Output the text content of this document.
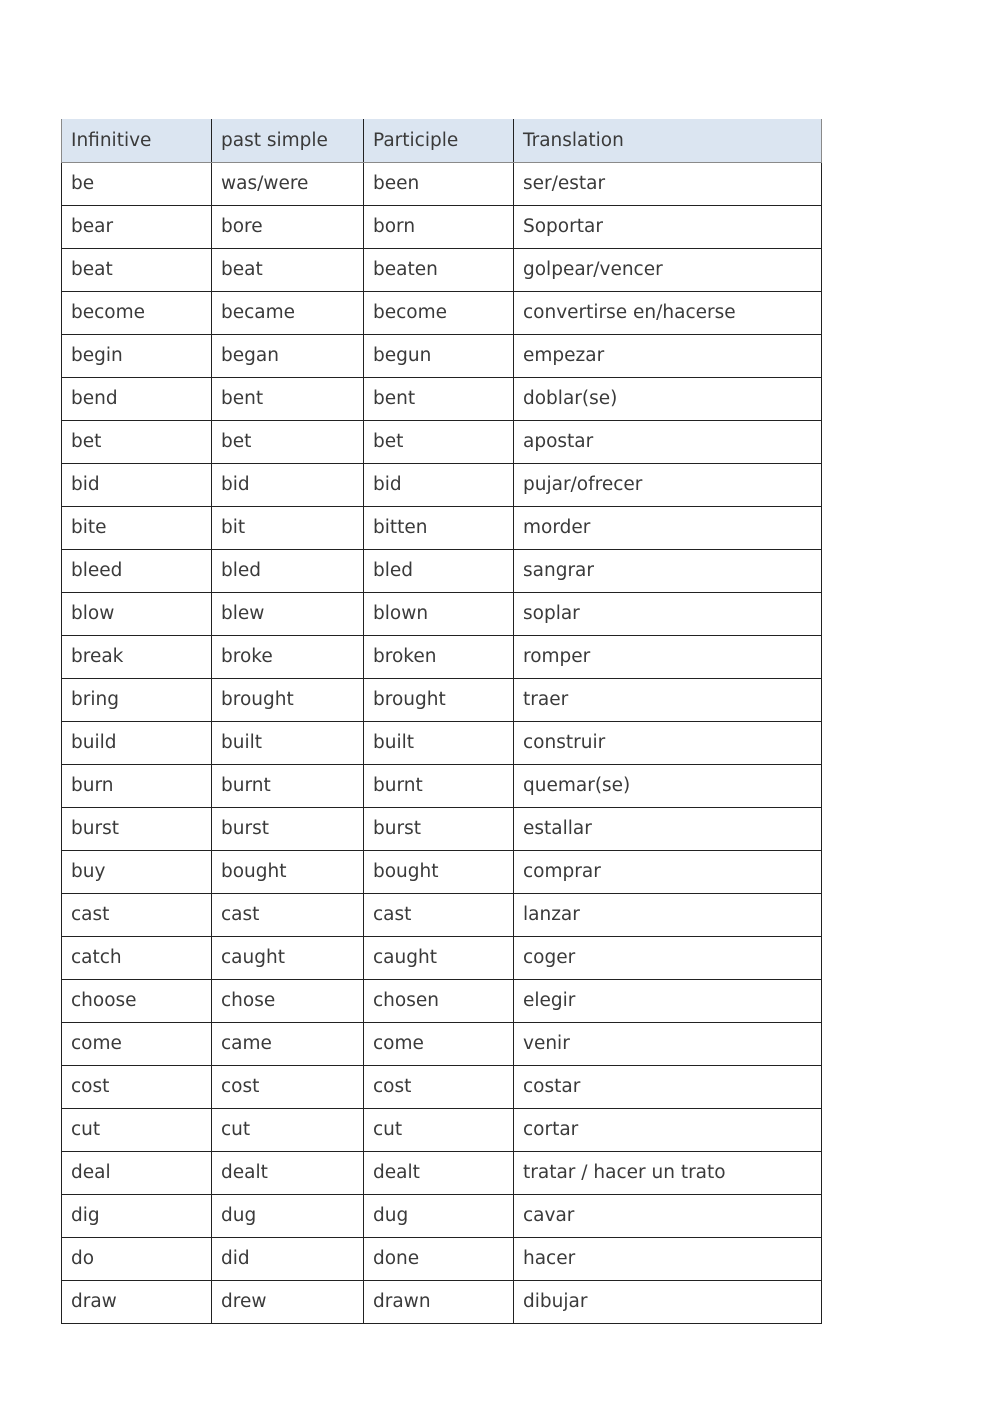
Infinitive	past simple	Participle	Translation
be	was/were	been	ser/estar
bear	bore	born	Soportar
beat	beat	beaten	golpear/vencer
become	became	become	convertirse en/hacerse
begin	began	begun	empezar
bend	bent	bent	doblar(se)
bet	bet	bet	apostar
bid	bid	bid	pujar/ofrecer
bite	bit	bitten	morder
bleed	bled	bled	sangrar
blow	blew	blown	soplar
break	broke	broken	romper
bring	brought	brought	traer
build	built	built	construir
burn	burnt	burnt	quemar(se)
burst	burst	burst	estallar
buy	bought	bought	comprar
cast	cast	cast	lanzar
catch	caught	caught	coger
choose	chose	chosen	elegir
come	came	come	venir
cost	cost	cost	costar
cut	cut	cut	cortar
deal	dealt	dealt	tratar / hacer un trato
dig	dug	dug	cavar
do	did	done	hacer
draw	drew	drawn	dibujar
